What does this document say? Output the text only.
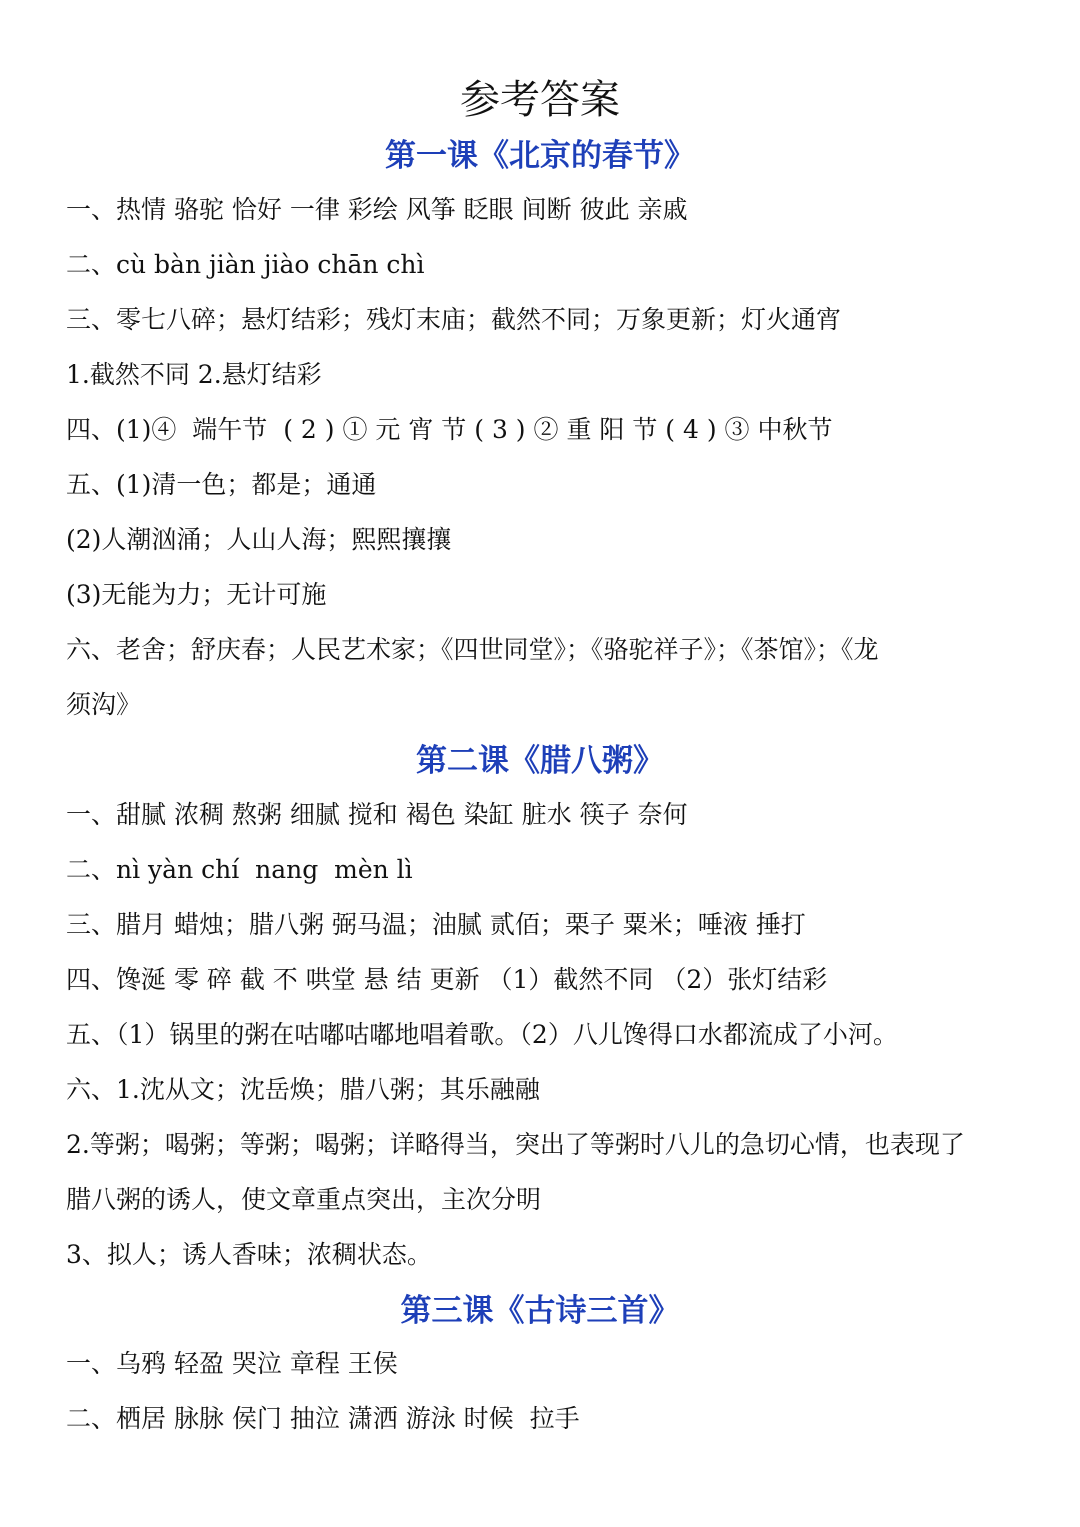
参考答案
第一课《北京的春节》
一、热情 骆驼 恰好 一律 彩绘 风筝 眨眼 间断 彼此 亲戚
二、cù bàn jiàn jiào chān chì
三、零七八碎；悬灯结彩；残灯末庙；截然不同；万象更新；灯火通宵
1.截然不同 2.悬灯结彩
四、(1)④  端午节  ( 2 ) ① 元 宵 节 ( 3 ) ② 重 阳 节 ( 4 ) ③ 中秋节
五、(1)清一色；都是；通通
(2)人潮汹涌；人山人海；熙熙攘攘
(3)无能为力；无计可施
六、老舍；舒庆春；人民艺术家；《四世同堂》；《骆驼祥子》；《茶馆》；《龙
须沟》
第二课《腊八粥》
一、甜腻 浓稠 熬粥 细腻 搅和 褐色 染缸 脏水 筷子 奈何
二、nì yàn chí  nang  mèn lì
三、腊月 蜡烛；腊八粥 弼马温；油腻 贰佰；栗子 粟米；唾液 捶打
四、馋涎 零 碎 截 不 哄堂 悬 结 更新 （1）截然不同 （2）张灯结彩
五、（1）锅里的粥在咕嘟咕嘟地唱着歌。（2）八儿馋得口水都流成了小河。
六、1.沈从文；沈岳焕；腊八粥；其乐融融
2.等粥；喝粥；等粥；喝粥；详略得当，突出了等粥时八儿的急切心情，也表现了
腊八粥的诱人，使文章重点突出，主次分明
3、拟人；诱人香味；浓稠状态。
第三课《古诗三首》
一、乌鸦 轻盈 哭泣 章程 王侯
二、栖居 脉脉 侯门 抽泣 潇洒 游泳 时候  拉手
